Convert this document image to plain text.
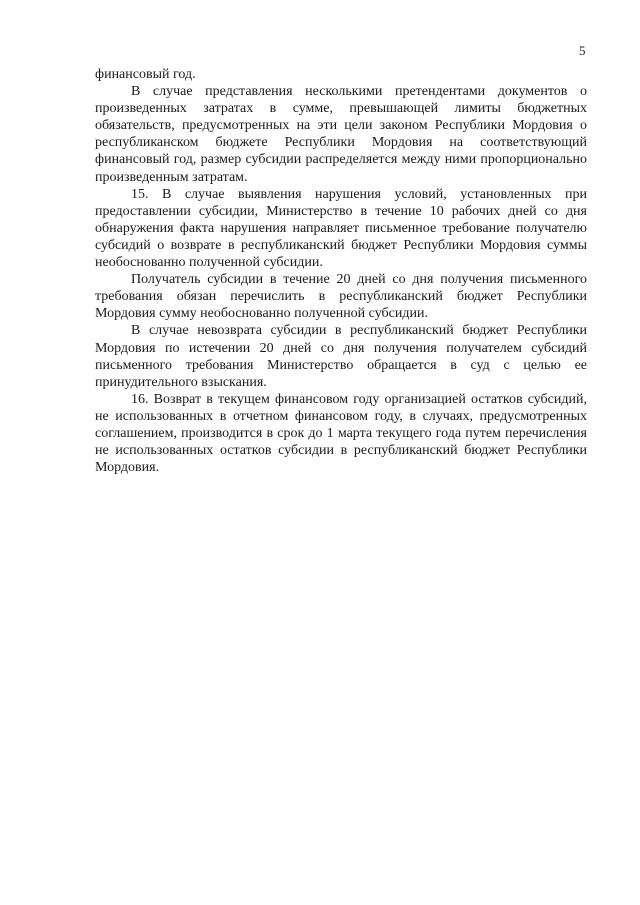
5

финансовый год.

В случае представления несколькими претендентами документов о произведенных затратах в сумме, превышающей лимиты бюджетных обязательств, предусмотренных на эти цели законом Республики Мордовия о республиканском бюджете Республики Мордовия на соответствующий финансовый год, размер субсидии распределяется между ними пропорционально произведенным затратам.

15. В случае выявления нарушения условий, установленных при предоставлении субсидии, Министерство в течение 10 рабочих дней со дня обнаружения факта нарушения направляет письменное требование получателю субсидий о возврате в республиканский бюджет Республики Мордовия суммы необоснованно полученной субсидии.

Получатель субсидии в течение 20 дней со дня получения письменного требования обязан перечислить в республиканский бюджет Республики Мордовия сумму необоснованно полученной субсидии.

В случае невозврата субсидии в республиканский бюджет Республики Мордовия по истечении 20 дней со дня получения получателем субсидий письменного требования Министерство обращается в суд с целью ее принудительного взыскания.

16. Возврат в текущем финансовом году организацией остатков субсидий, не использованных в отчетном финансовом году, в случаях, предусмотренных соглашением, производится в срок до 1 марта текущего года путем перечисления не использованных остатков субсидии в республиканский бюджет Республики Мордовия.
